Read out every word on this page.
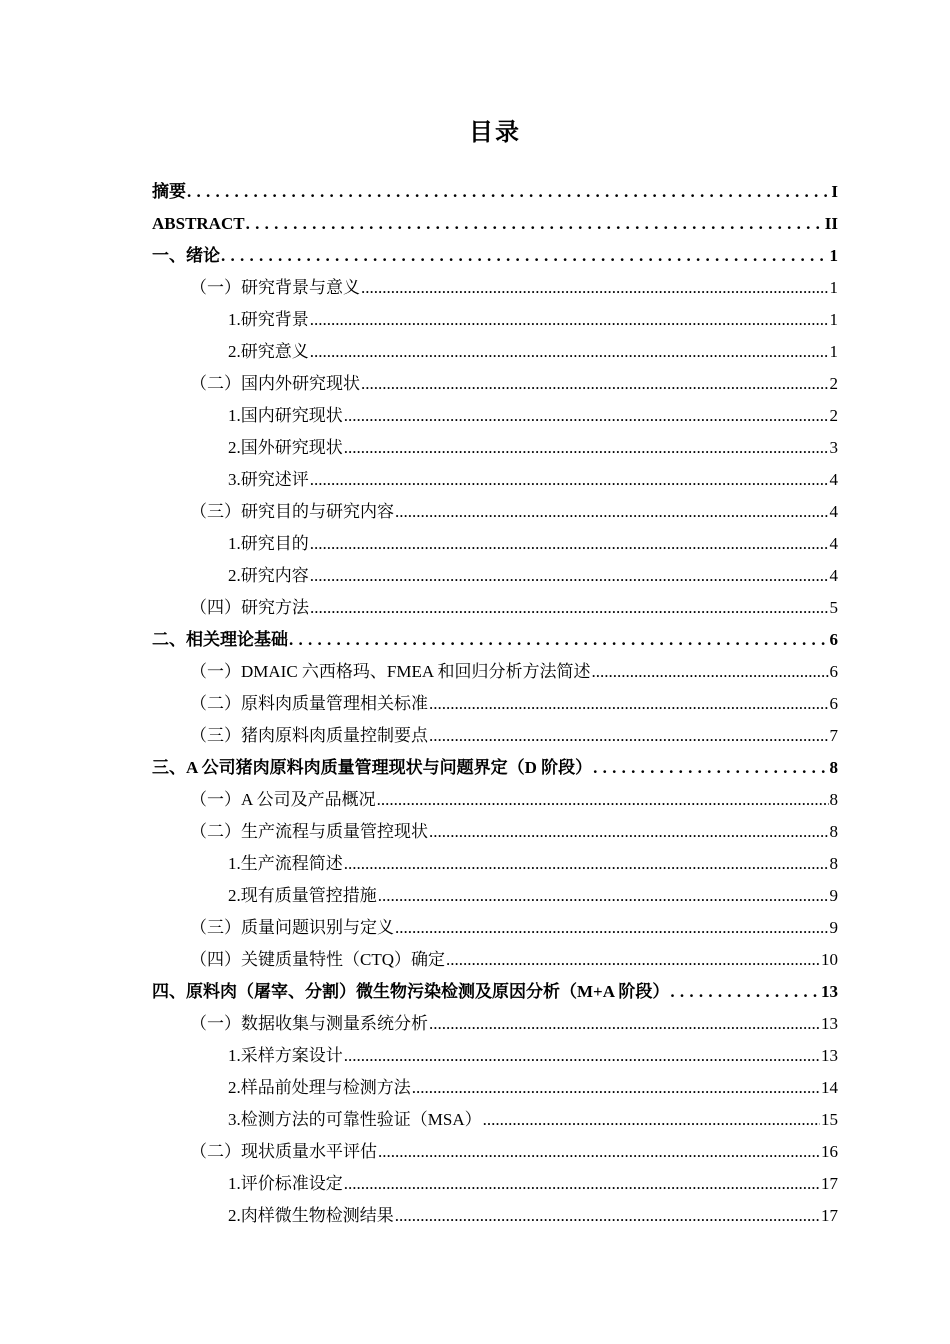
目录
摘要 . . .	I
ABSTRACT . . .	II
一、绪论 . . .	1
（一）研究背景与意义 .....	1
1.研究背景 .....	1
2.研究意义 .....	1
（二）国内外研究现状 .....	2
1.国内研究现状 .....	2
2.国外研究现状 .....	3
3.研究述评 .....	4
（三）研究目的与研究内容 .....	4
1.研究目的 .....	4
2.研究内容 .....	4
（四）研究方法 .....	5
二、相关理论基础 . . .	6
（一）DMAIC 六西格玛、FMEA 和回归分析方法简述 .....	6
（二）原料肉质量管理相关标准 .....	6
（三）猪肉原料肉质量控制要点 .....	7
三、A 公司猪肉原料肉质量管理现状与问题界定（D 阶段） . . .	8
（一）A 公司及产品概况 .....	8
（二）生产流程与质量管控现状 .....	8
1.生产流程简述 .....	8
2.现有质量管控措施 .....	9
（三）质量问题识别与定义 .....	9
（四）关键质量特性（CTQ）确定 .....	10
四、原料肉（屠宰、分割）微生物污染检测及原因分析（M+A 阶段） . . .	13
（一）数据收集与测量系统分析 .....	13
1.采样方案设计 .....	13
2.样品前处理与检测方法 .....	14
3.检测方法的可靠性验证（MSA） .....	15
（二）现状质量水平评估 .....	16
1.评价标准设定 .....	17
2.肉样微生物检测结果 .....	17
